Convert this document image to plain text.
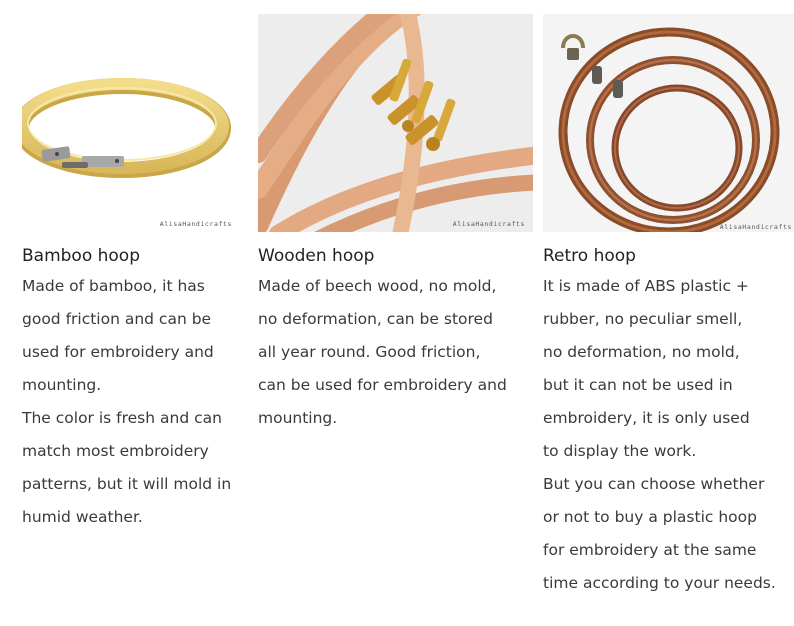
AlisaHandicrafts
Bamboo hoop
Made of bamboo, it has
good friction and can be
used for embroidery and
mounting.
The color is fresh and can
match most embroidery
patterns, but it will mold in
humid weather.
AlisaHandicrafts
Wooden hoop
Made of beech wood, no mold,
no deformation, can be stored
all year round. Good friction,
can be used for embroidery and
mounting.
AlisaHandicrafts
Retro hoop
It is made of ABS plastic +
rubber, no peculiar smell,
no deformation, no mold,
but it can not be used in
embroidery, it is only used
to display the work.
But you can choose whether
or not to buy a plastic hoop
for embroidery at the same
time according to your needs.
